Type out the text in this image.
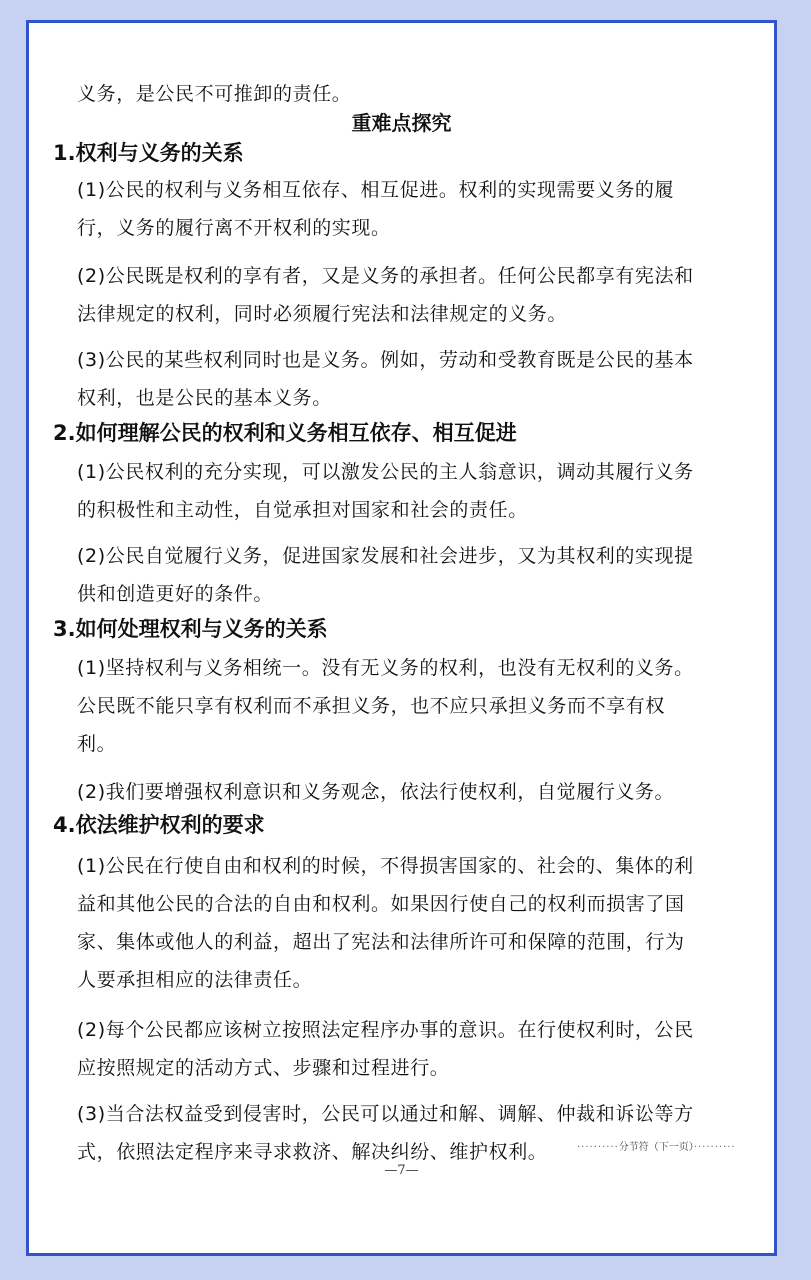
义务，是公民不可推卸的责任。
重难点探究
1.权利与义务的关系
(1)公民的权利与义务相互依存、相互促进。权利的实现需要义务的履
行，义务的履行离不开权利的实现。
(2)公民既是权利的享有者，又是义务的承担者。任何公民都享有宪法和
法律规定的权利，同时必须履行宪法和法律规定的义务。
(3)公民的某些权利同时也是义务。例如，劳动和受教育既是公民的基本
权利，也是公民的基本义务。
2.如何理解公民的权利和义务相互依存、相互促进
(1)公民权利的充分实现，可以激发公民的主人翁意识，调动其履行义务
的积极性和主动性，自觉承担对国家和社会的责任。
(2)公民自觉履行义务，促进国家发展和社会进步，又为其权利的实现提
供和创造更好的条件。
3.如何处理权利与义务的关系
(1)坚持权利与义务相统一。没有无义务的权利，也没有无权利的义务。
公民既不能只享有权利而不承担义务，也不应只承担义务而不享有权
利。
(2)我们要增强权利意识和义务观念，依法行使权利，自觉履行义务。
4.依法维护权利的要求
(1)公民在行使自由和权利的时候，不得损害国家的、社会的、集体的利
益和其他公民的合法的自由和权利。如果因行使自己的权利而损害了国
家、集体或他人的利益，超出了宪法和法律所许可和保障的范围，行为
人要承担相应的法律责任。
(2)每个公民都应该树立按照法定程序办事的意识。在行使权利时，公民
应按照规定的活动方式、步骤和过程进行。
(3)当合法权益受到侵害时，公民可以通过和解、调解、仲裁和诉讼等方
式，依照法定程序来寻求救济、解决纠纷、维护权利。	··········分节符（下一页）··········
—7—
